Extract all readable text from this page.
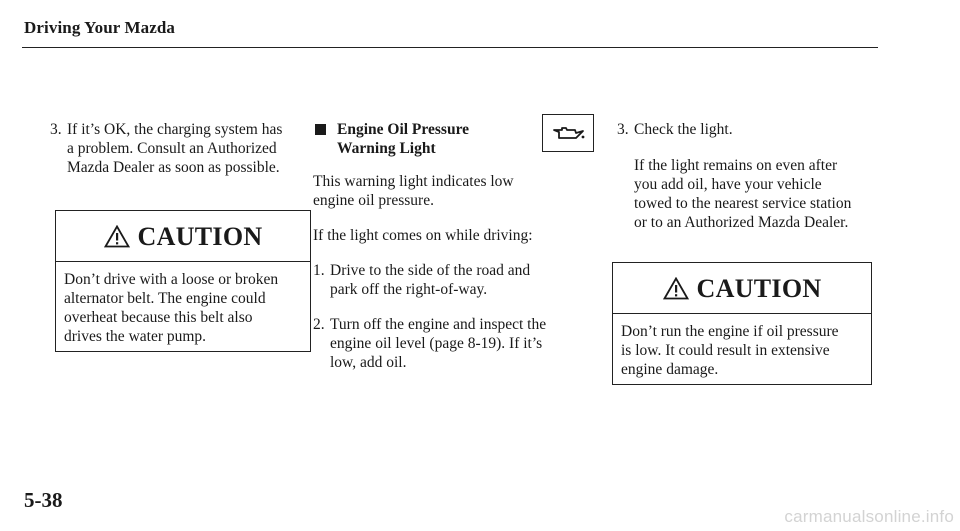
Driving Your Mazda
3. If it’s OK, the charging system has
a problem. Consult an Authorized
Mazda Dealer as soon as possible.
CAUTION
Don’t drive with a loose or broken
alternator belt. The engine could
overheat because this belt also
drives the water pump.
Engine Oil Pressure
Warning Light
This warning light indicates low
engine oil pressure.
If the light comes on while driving:
1. Drive to the side of the road and
park off the right-of-way.
2. Turn off the engine and inspect the
engine oil level (page 8-19). If it’s
low, add oil.
3. Check the light.
If the light remains on even after
you add oil, have your vehicle
towed to the nearest service station
or to an Authorized Mazda Dealer.
CAUTION
Don’t run the engine if oil pressure
is low. It could result in extensive
engine damage.
5-38
carmanualsonline.info
